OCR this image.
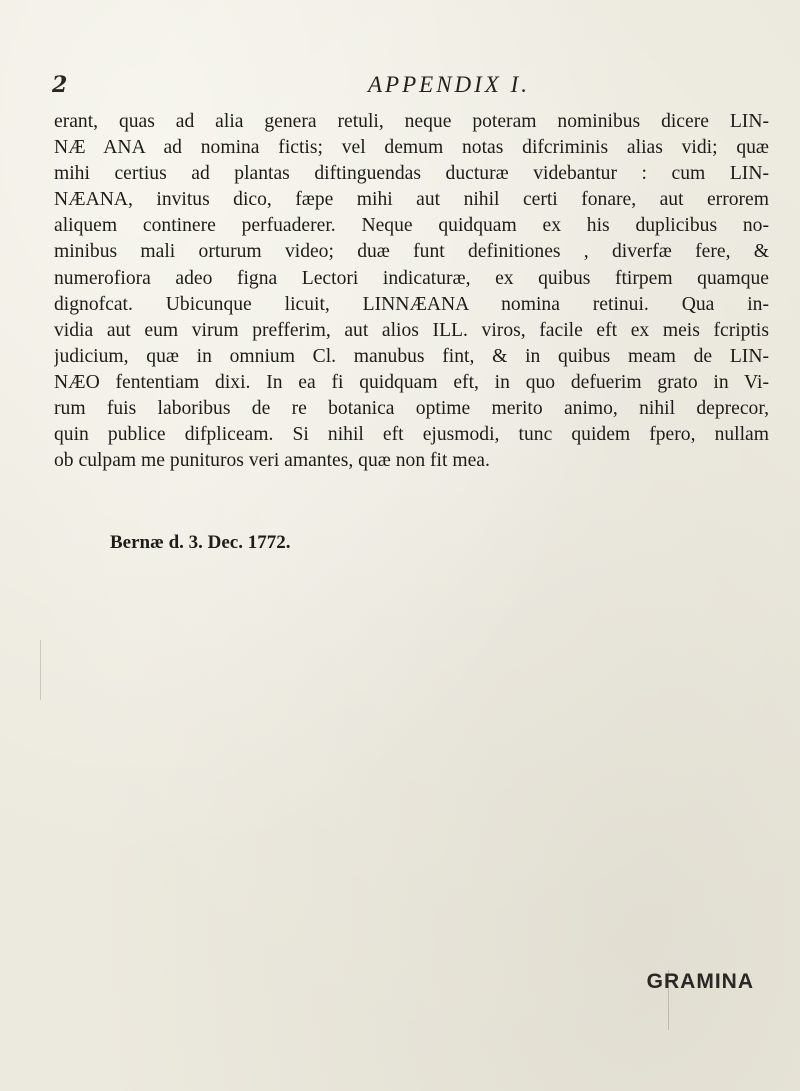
2	APPENDIX I.
erant, quas ad alia genera retuli, neque poteram nominibus dicere LIN-
NÆ ANA ad nomina fictis; vel demum notas difcriminis alias vidi; quæ
mihi certius ad plantas diftinguendas ducturæ videbantur : cum LIN-
NÆANA, invitus dico, fæpe mihi aut nihil certi fonare, aut errorem
aliquem continere perfuaderer. Neque quidquam ex his duplicibus no-
minibus mali orturum video; duæ funt definitiones , diverfæ fere, &
numerofiora adeo figna Lectori indicaturæ, ex quibus ftirpem quamque
dignofcat. Ubicunque licuit, LINNÆANA nomina retinui. Qua in-
vidia aut eum virum prefferim, aut alios ILL. viros, facile eft ex meis fcriptis
judicium, quæ in omnium Cl. manubus fint, & in quibus meam de LIN-
NÆO fententiam dixi. In ea fi quidquam eft, in quo defuerim grato in Vi-
rum fuis laboribus de re botanica optime merito animo, nihil deprecor,
quin publice difpliceam. Si nihil eft ejusmodi, tunc quidem fpero, nullam
ob culpam me punituros veri amantes, quæ non fit mea.
Bernæ d. 3. Dec. 1772.
GRAMINA
